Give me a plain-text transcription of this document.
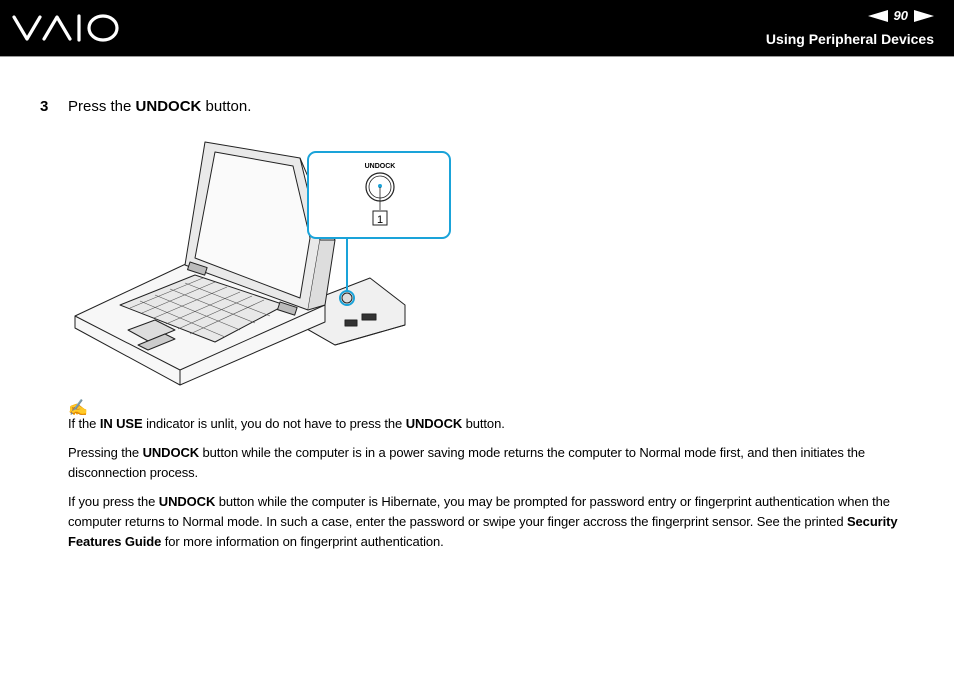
90
Using Peripheral Devices
3	Press the UNDOCK button.
UNDOCK
1
✍

If the IN USE indicator is unlit, you do not have to press the UNDOCK button.

Pressing the UNDOCK button while the computer is in a power saving mode returns the computer to Normal mode first, and then initiates the disconnection process.

If you press the UNDOCK button while the computer is Hibernate, you may be prompted for password entry or fingerprint authentication when the computer returns to Normal mode. In such a case, enter the password or swipe your finger accross the fingerprint sensor. See the printed Security Features Guide for more information on fingerprint authentication.
